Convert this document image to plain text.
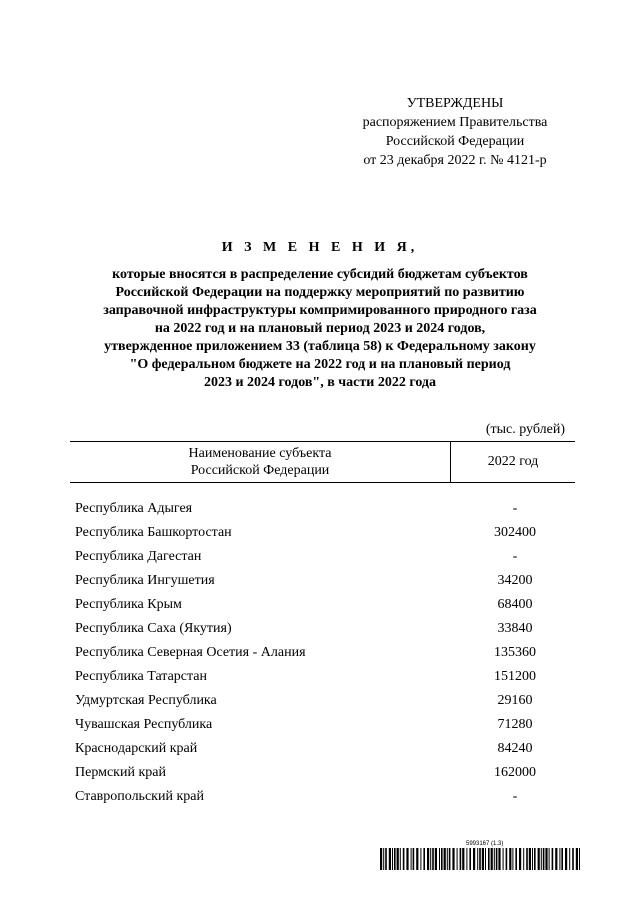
УТВЕРЖДЕНЫ
распоряжением Правительства
Российской Федерации
от 23 декабря 2022 г. № 4121-р
И З М Е Н Е Н И Я,
которые вносятся в распределение субсидий бюджетам субъектов
Российской Федерации на поддержку мероприятий по развитию
заправочной инфраструктуры компримированного природного газа
на 2022 год и на плановый период 2023 и 2024 годов,
утвержденное приложением 33 (таблица 58) к Федеральному закону
"О федеральном бюджете на 2022 год и на плановый период
2023 и 2024 годов", в части 2022 года
(тыс. рублей)
Наименование субъекта
Российской Федерации
2022 год
Республика Адыгея	-
Республика Башкортостан	302400
Республика Дагестан	-
Республика Ингушетия	34200
Республика Крым	68400
Республика Саха (Якутия)	33840
Республика Северная Осетия - Алания	135360
Республика Татарстан	151200
Удмуртская Республика	29160
Чувашская Республика	71280
Краснодарский край	84240
Пермский край	162000
Ставропольский край	-
5993167 (1.3)
